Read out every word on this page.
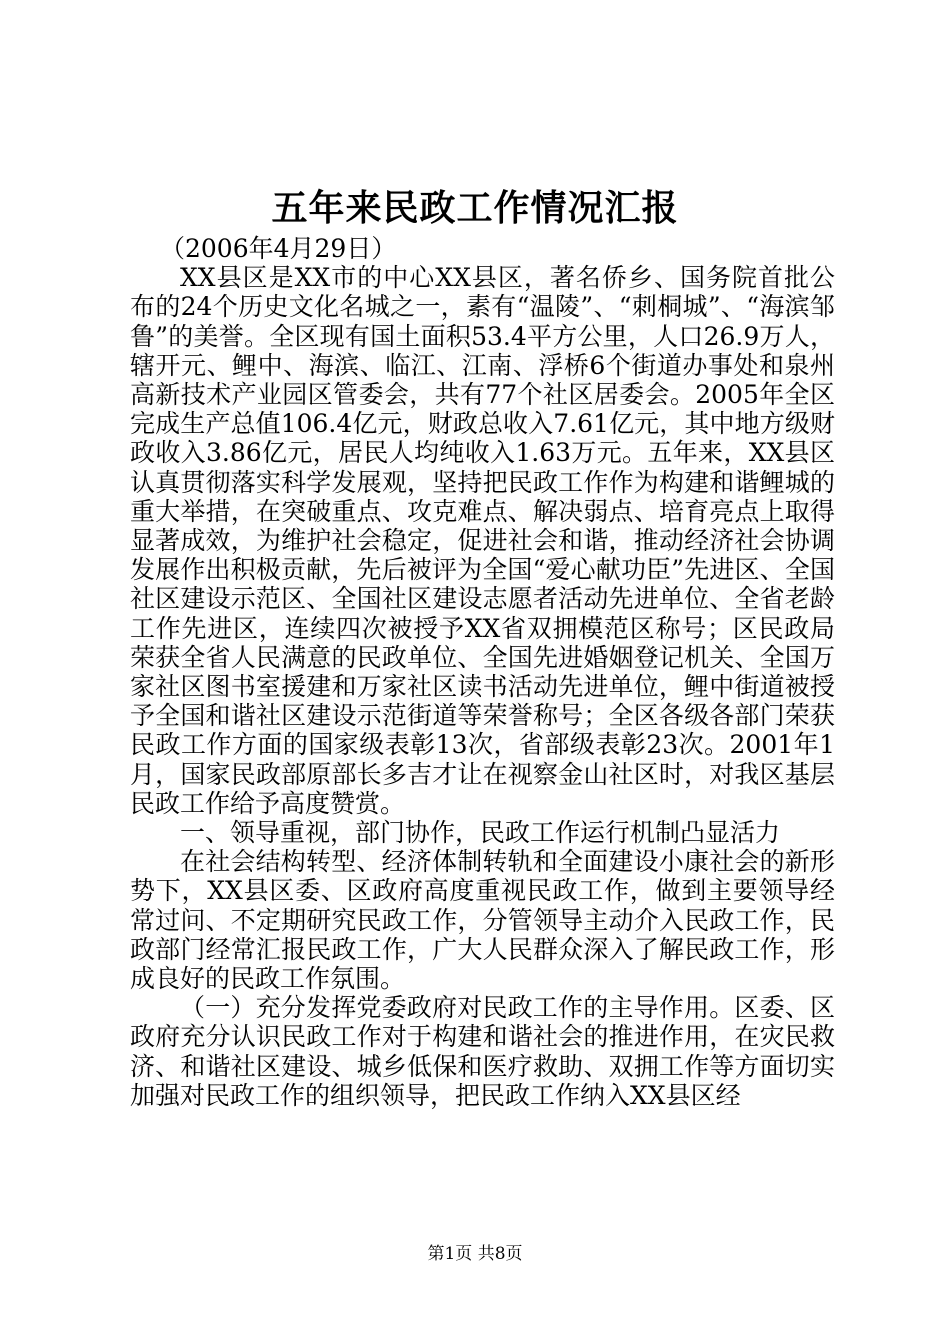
五年来民政工作情况汇报

（2006年4月29日）

XX县区是XX市的中心XX县区，著名侨乡、国务院首批公布的24个历史文化名城之一，素有“温陵”、“刺桐城”、“海滨邹鲁”的美誉。全区现有国土面积53.4平方公里，人口26.9万人，辖开元、鲤中、海滨、临江、江南、浮桥6个街道办事处和泉州高新技术产业园区管委会，共有77个社区居委会。2005年全区完成生产总值106.4亿元，财政总收入7.61亿元，其中地方级财政收入3.86亿元，居民人均纯收入1.63万元。五年来，XX县区认真贯彻落实科学发展观，坚持把民政工作作为构建和谐鲤城的重大举措，在突破重点、攻克难点、解决弱点、培育亮点上取得显著成效，为维护社会稳定，促进社会和谐，推动经济社会协调发展作出积极贡献，先后被评为全国“爱心献功臣”先进区、全国社区建设示范区、全国社区建设志愿者活动先进单位、全省老龄工作先进区，连续四次被授予XX省双拥模范区称号；区民政局荣获全省人民满意的民政单位、全国先进婚姻登记机关、全国万家社区图书室援建和万家社区读书活动先进单位，鲤中街道被授予全国和谐社区建设示范街道等荣誉称号；全区各级各部门荣获民政工作方面的国家级表彰13次，省部级表彰23次。2001年1月，国家民政部原部长多吉才让在视察金山社区时，对我区基层民政工作给予高度赞赏。

一、领导重视，部门协作，民政工作运行机制凸显活力

在社会结构转型、经济体制转轨和全面建设小康社会的新形势下，XX县区委、区政府高度重视民政工作，做到主要领导经常过问、不定期研究民政工作，分管领导主动介入民政工作，民政部门经常汇报民政工作，广大人民群众深入了解民政工作，形成良好的民政工作氛围。

（一）充分发挥党委政府对民政工作的主导作用。区委、区政府充分认识民政工作对于构建和谐社会的推进作用，在灾民救济、和谐社区建设、城乡低保和医疗救助、双拥工作等方面切实加强对民政工作的组织领导，把民政工作纳入XX县区经

第1页 共8页
